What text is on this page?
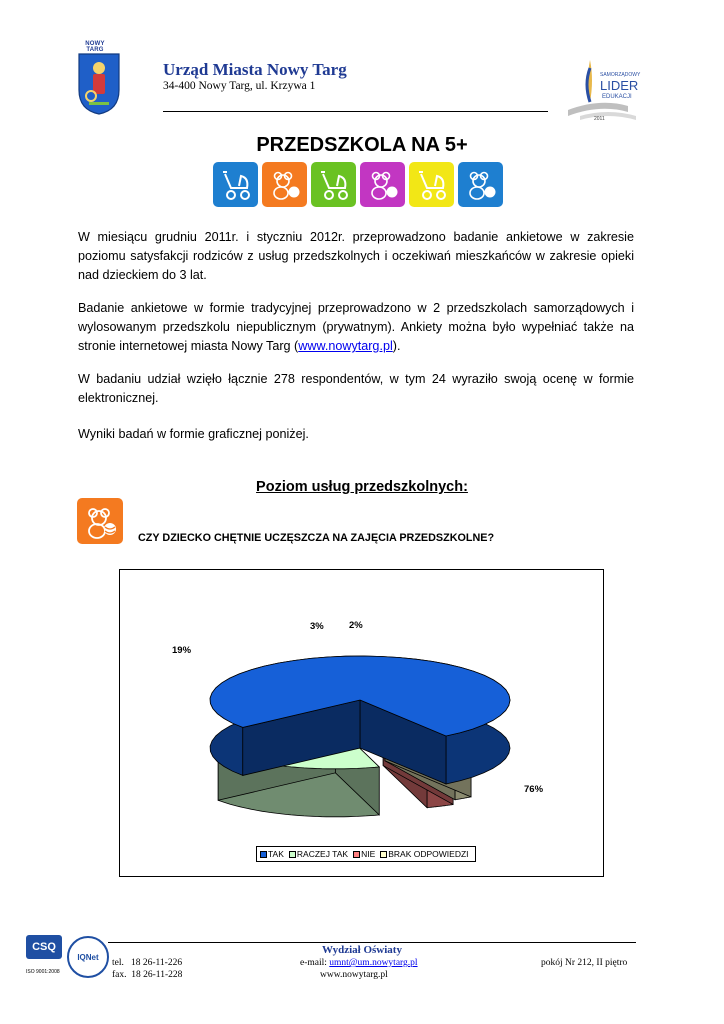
NOWY TARG
Urząd Miasta Nowy Targ
34-400 Nowy Targ, ul. Krzywa 1
SAMORZĄDOWY
LIDER
EDUKACJI
2011
PRZEDSZKOLA NA 5+
W miesiącu grudniu 2011r. i styczniu 2012r. przeprowadzono badanie ankietowe w zakresie poziomu satysfakcji rodziców z usług przedszkolnych i oczekiwań mieszkańców w zakresie opieki nad dzieckiem do 3 lat.
Badanie ankietowe w formie tradycyjnej przeprowadzono w 2 przedszkolach samorządowych i wylosowanym przedszkolu niepublicznym (prywatnym). Ankiety można było wypełniać także na stronie internetowej miasta Nowy Targ (www.nowytarg.pl).
W badaniu udział wzięło łącznie 278 respondentów, w tym 24 wyraziło swoją ocenę w formie elektronicznej.
Wyniki badań w formie graficznej poniżej.
Poziom usług przedszkolnych:
CZY DZIECKO CHĘTNIE UCZĘSZCZA NA ZAJĘCIA PRZEDSZKOLNE?
76%
19%
3%	2%
TAK RACZEJ TAK NIE BRAK ODPOWIEDZI
CSQ
ISO 9001:2008
IQNet
Wydział Oświaty
tel.   18 26-11-226
fax.  18 26-11-228
e-mail: umnt@um.nowytarg.pl
www.nowytarg.pl
pokój Nr 212, II piętro
